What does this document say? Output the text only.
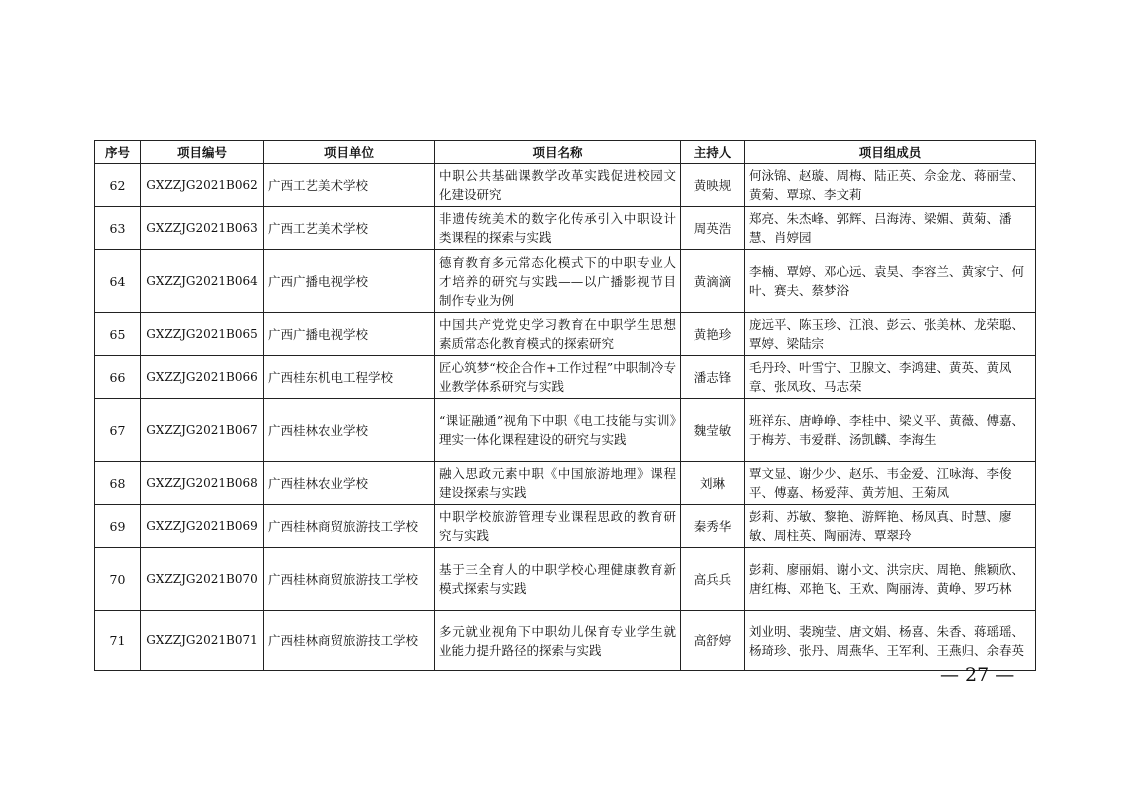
序号	项目编号	项目单位	项目名称	主持人	项目组成员
62	GXZZJG2021B062	广西工艺美术学校	中职公共基础课教学改革实践促进校园文化建设研究	黄映规	何泳锦、赵璇、周梅、陆正英、佘金龙、蒋丽莹、黄菊、覃琼、李文莉
63	GXZZJG2021B063	广西工艺美术学校	非遗传统美术的数字化传承引入中职设计类课程的探索与实践	周英浩	郑亮、朱杰峰、郭辉、吕海涛、梁媚、黄菊、潘慧、肖婷园
64	GXZZJG2021B064	广西广播电视学校	德育教育多元常态化模式下的中职专业人才培养的研究与实践——以广播影视节目制作专业为例	黄滴滴	李楠、覃婷、邓心远、袁昊、李容兰、黄家宁、何叶、赛夫、蔡梦浴
65	GXZZJG2021B065	广西广播电视学校	中国共产党党史学习教育在中职学生思想素质常态化教育模式的探索研究	黄艳珍	庞远平、陈玉珍、江浪、彭云、张美林、龙荣聪、覃婷、梁陆宗
66	GXZZJG2021B066	广西桂东机电工程学校	匠心筑梦“校企合作+工作过程”中职制冷专业教学体系研究与实践	潘志锋	毛丹玲、叶雪宁、卫腺文、李鸿建、黄英、黄凤章、张凤玫、马志荣
67	GXZZJG2021B067	广西桂林农业学校	“课证融通”视角下中职《电工技能与实训》理实一体化课程建设的研究与实践	魏莹敏	班祥东、唐峥峥、李桂中、梁义平、黄薇、傅嘉、于梅芳、韦爱群、汤凯麟、李海生
68	GXZZJG2021B068	广西桂林农业学校	融入思政元素中职《中国旅游地理》课程建设探索与实践	刘琳	覃文显、谢少少、赵乐、韦金爱、江咏海、李俊平、傅嘉、杨爱萍、黄芳旭、王菊凤
69	GXZZJG2021B069	广西桂林商贸旅游技工学校	中职学校旅游管理专业课程思政的教育研究与实践	秦秀华	彭莉、苏敏、黎艳、游辉艳、杨凤真、时慧、廖敏、周柱英、陶丽涛、覃翠玲
70	GXZZJG2021B070	广西桂林商贸旅游技工学校	基于三全育人的中职学校心理健康教育新模式探索与实践	高兵兵	彭莉、廖丽娟、谢小文、洪宗庆、周艳、熊颖欣、唐红梅、邓艳飞、王欢、陶丽涛、黄峥、罗巧林
71	GXZZJG2021B071	广西桂林商贸旅游技工学校	多元就业视角下中职幼儿保育专业学生就业能力提升路径的探索与实践	高舒婷	刘业明、裴琬莹、唐文娟、杨喜、朱香、蒋瑶瑶、杨琦珍、张丹、周燕华、王军利、王燕归、余春英
— 27 —
